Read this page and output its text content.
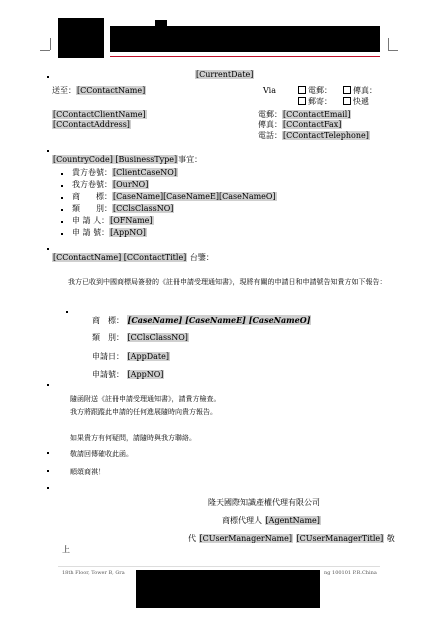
[CurrentDate]
送至：[CContactName]	Via	電郵：	傳真：
郵寄：	快遞
[CContactClientName]
[CContactAddress]
電郵：[CContactEmail]
傳真：[CContactFax]
電話：[CContactTelephone]
[CountryCode] [BusinessType]事宜：
貴方卷號：[ClientCaseNO]
我方卷號：[OurNO]
商　　標：[CaseName][CaseNameE][CaseNameO]
類　　別：[CClsClassNO]
申 請 人：[OFName]
申 請 號：[AppNO]
[CContactName] [CContactTitle] 台鑒：
我方已收到中國商標局簽發的《註冊申請受理通知書》，現將有關的申請日和申請號告知貴方如下報告：
商　標： [CaseName] [CaseNameE] [CaseNameO]
類　別： [CClsClassNO]
申請日： [AppDate]
申請號： [AppNO]
隨函附送《註冊申請受理通知書》，請貴方檢查。
我方將跟蹤此申請的任何進展隨時向貴方報告。
如果貴方有何疑問，請隨時與我方聯絡。
敬請回傳確收此函。
順頌商祺！
隆天國際知識產權代理有限公司
商標代理人 [AgentName]
代 [CUserManagerName] [CUserManagerTitle] 敬
上
18th Floor, Tower B, Gra	ng 100101 P.R.China
